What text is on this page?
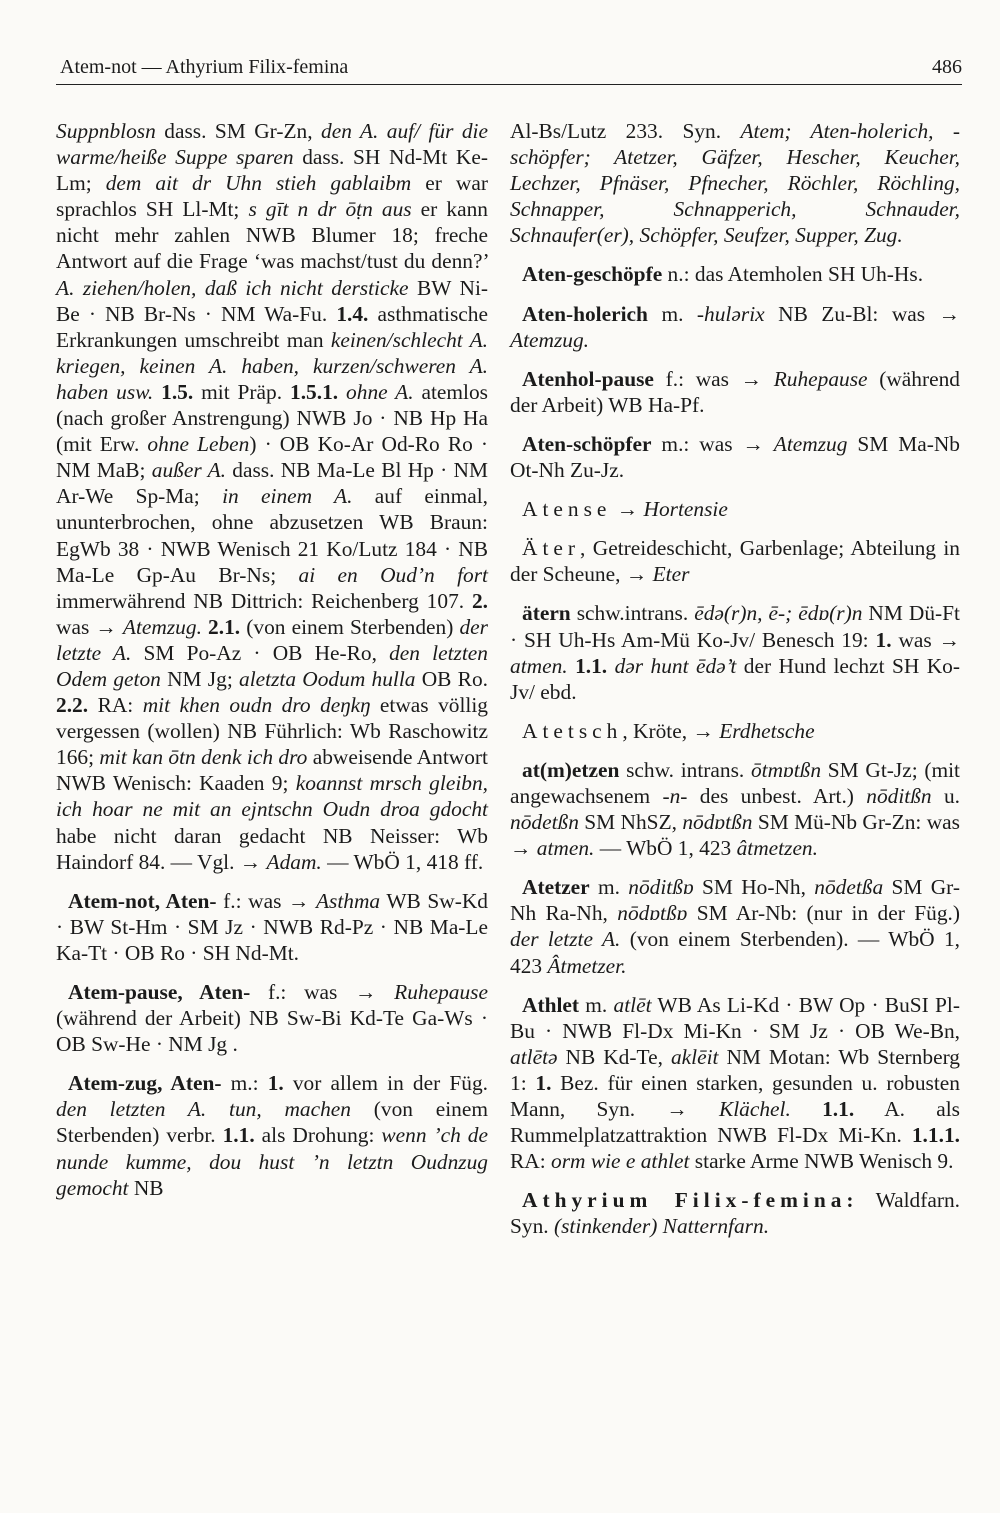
Atem-not — Athyrium Filix-femina	486

Suppnblosn dass. SM Gr-Zn, den A. auf/ für die warme/heiße Suppe sparen dass. SH Nd-Mt Ke-Lm; dem ait dr Uhn stieh gablaibm er war sprachlos SH Ll-Mt; s gīt n dr ōṭn aus er kann nicht mehr zahlen NWB Blumer 18; freche Antwort auf die Frage ‘was machst/tust du denn?’ A. ziehen/holen, daß ich nicht dersticke BW Ni-Be · NB Br-Ns · NM Wa-Fu. 1.4. asthmatische Erkrankungen umschreibt man keinen/schlecht A. kriegen, keinen A. haben, kurzen/schweren A. haben usw. 1.5. mit Präp. 1.5.1. ohne A. atemlos (nach großer Anstrengung) NWB Jo · NB Hp Ha (mit Erw. ohne Leben) · OB Ko-Ar Od-Ro Ro · NM MaB; außer A. dass. NB Ma-Le Bl Hp · NM Ar-We Sp-Ma; in einem A. auf einmal, ununterbrochen, ohne abzusetzen WB Braun: EgWb 38 · NWB Wenisch 21 Ko/Lutz 184 · NB Ma-Le Gp-Au Br-Ns; ai en Oud’n fort immerwährend NB Dittrich: Reichenberg 107. 2. was → Atemzug. 2.1. (von einem Sterbenden) der letzte A. SM Po-Az · OB He-Ro, den letzten Odem geton NM Jg; aletzta Oodum hulla OB Ro. 2.2. RA: mit khen oudn dro deŋkŋ etwas völlig vergessen (wollen) NB Führlich: Wb Raschowitz 166; mit kan ōtn denk ich dro abweisende Antwort NWB Wenisch: Kaaden 9; koannst mrsch gleibn, ich hoar ne mit an ejntschn Oudn droa gdocht habe nicht daran gedacht NB Neisser: Wb Haindorf 84. — Vgl. → Adam. — WbÖ 1, 418 ff.

Atem-not, Aten- f.: was → Asthma WB Sw-Kd · BW St-Hm · SM Jz · NWB Rd-Pz · NB Ma-Le Ka-Tt · OB Ro · SH Nd-Mt.

Atem-pause, Aten- f.: was → Ruhepause (während der Arbeit) NB Sw-Bi Kd-Te Ga-Ws · OB Sw-He · NM Jg .

Atem-zug, Aten- m.: 1. vor allem in der Füg. den letzten A. tun, machen (von einem Sterbenden) verbr. 1.1. als Drohung: wenn ’ch de nunde kumme, dou hust ’n letztn Oudnzug gemocht NB

Al-Bs/Lutz 233. Syn. Atem; Aten-holerich, -schöpfer; Atetzer, Gäfzer, Hescher, Keucher, Lechzer, Pfnäser, Pfnecher, Röchler, Röchling, Schnapper, Schnapperich, Schnauder, Schnaufer(er), Schöpfer, Seufzer, Supper, Zug.

Aten-geschöpfe n.: das Atemholen SH Uh-Hs.

Aten-holerich m. -hulərix NB Zu-Bl: was → Atemzug.

Atenhol-pause f.: was → Ruhepause (während der Arbeit) WB Ha-Pf.

Aten-schöpfer m.: was → Atemzug SM Ma-Nb Ot-Nh Zu-Jz.

Atense → Hortensie

Äter, Getreideschicht, Garbenlage; Abteilung in der Scheune, → Eter

ätern schw.intrans. ēdə(r)n, ē-; ēdɒ(r)n NM Dü-Ft · SH Uh-Hs Am-Mü Ko-Jv/ Benesch 19: 1. was → atmen. 1.1. dər hunt ēdə’t der Hund lechzt SH Ko-Jv/ ebd.

Atetsch, Kröte, → Erdhetsche

at(m)etzen schw. intrans. ōtmɒtßn SM Gt-Jz; (mit angewachsenem -n- des unbest. Art.) nōditßn u. nōdetßn SM NhSZ, nōdɒtßn SM Mü-Nb Gr-Zn: was → atmen. — WbÖ 1, 423 âtmetzen.

Atetzer m. nōditßɒ SM Ho-Nh, nōdetßa SM Gr-Nh Ra-Nh, nōdɒtßɒ SM Ar-Nb: (nur in der Füg.) der letzte A. (von einem Sterbenden). — WbÖ 1, 423 Âtmetzer.

Athlet m. atlēt WB As Li-Kd · BW Op · BuSI Pl-Bu · NWB Fl-Dx Mi-Kn · SM Jz · OB We-Bn, atlētə NB Kd-Te, aklēit NM Motan: Wb Sternberg 1: 1. Bez. für einen starken, gesunden u. robusten Mann, Syn. → Klächel. 1.1. A. als Rummelplatzattraktion NWB Fl-Dx Mi-Kn. 1.1.1. RA: orm wie e athlet starke Arme NWB Wenisch 9.

Athyrium Filix-femina: Waldfarn. Syn. (stinkender) Natternfarn.
